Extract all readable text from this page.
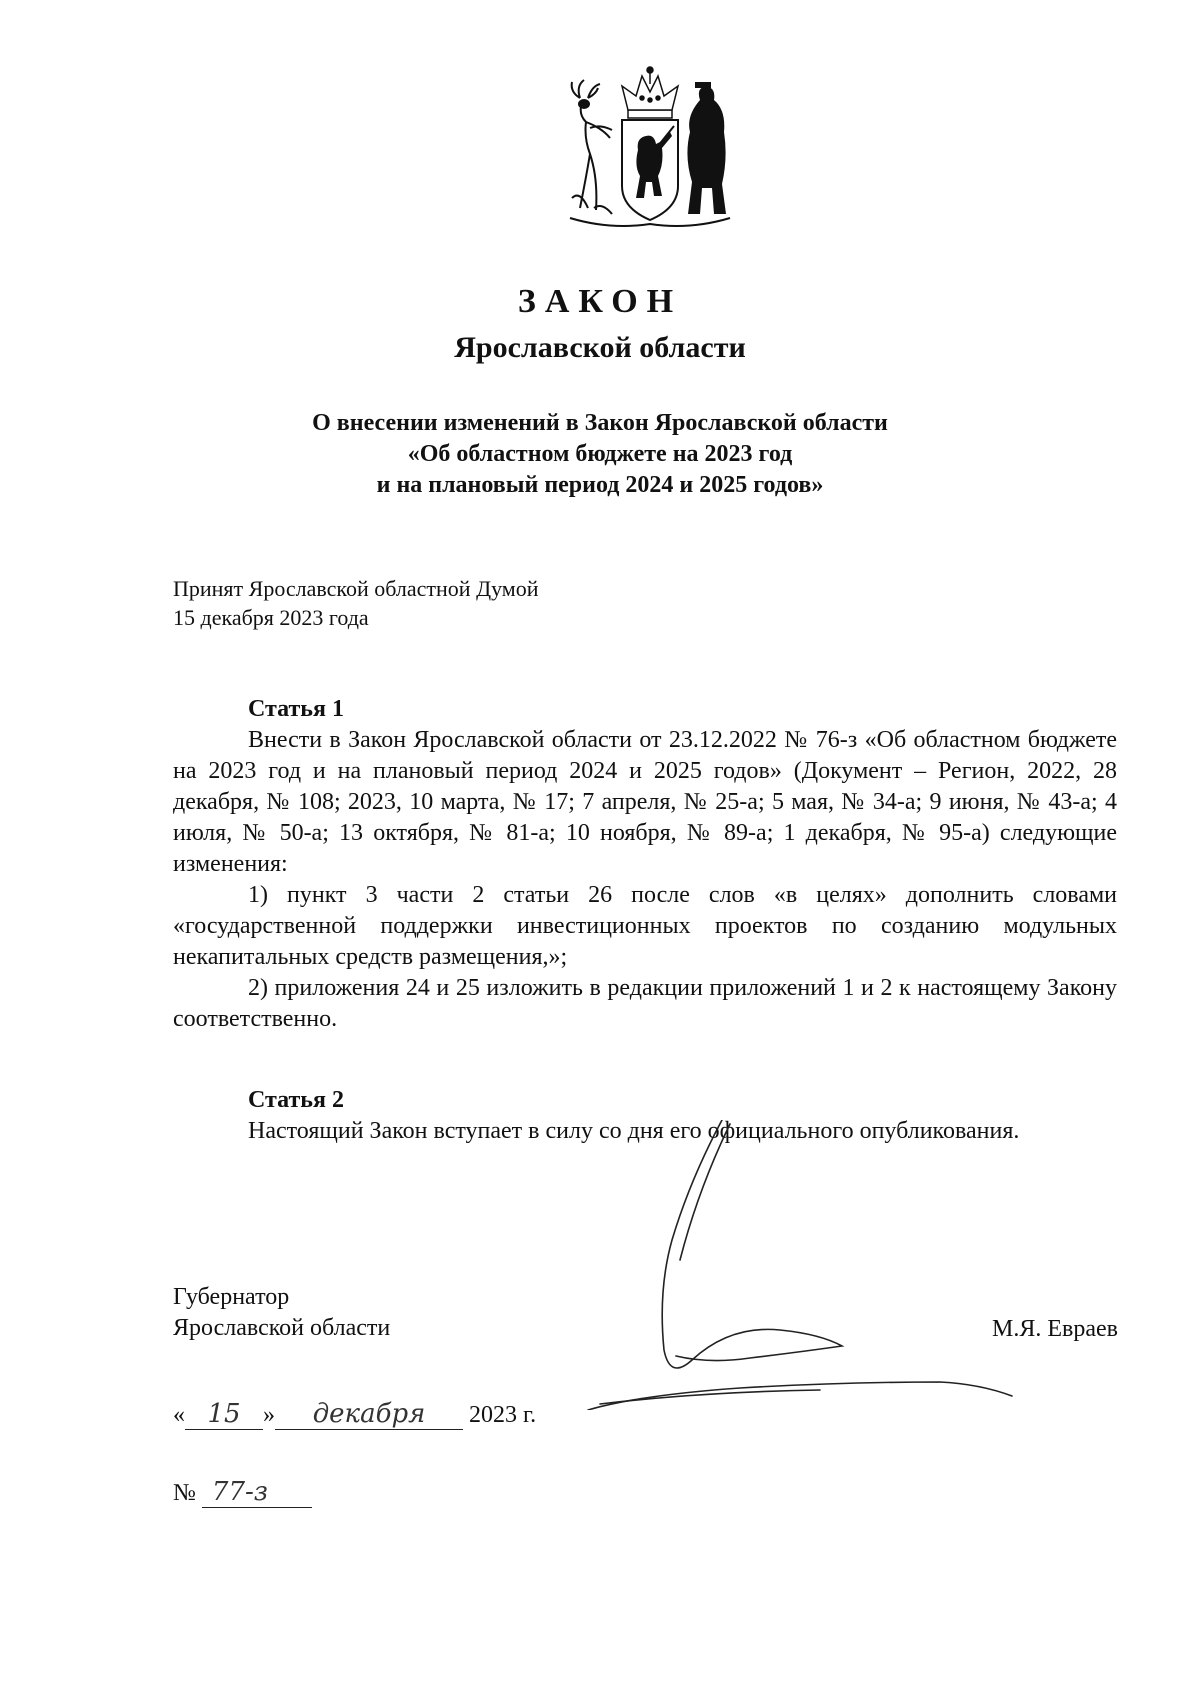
ЗАКОН
Ярославской области
О внесении изменений в Закон Ярославской области
«Об областном бюджете на 2023 год
и на плановый период 2024 и 2025 годов»
Принят Ярославской областной Думой
15 декабря 2023 года
Статья 1

Внести в Закон Ярославской области от 23.12.2022 № 76-з «Об областном бюджете на 2023 год и на плановый период 2024 и 2025 годов» (Документ – Регион, 2022, 28 декабря, № 108; 2023, 10 марта, № 17; 7 апреля, № 25-а; 5 мая, № 34-а; 9 июня, № 43-а; 4 июля, № 50-а; 13 октября, № 81-а; 10 ноября, № 89-а; 1 декабря, № 95-а) следующие изменения:

1) пункт 3 части 2 статьи 26 после слов «в целях» дополнить словами «государственной поддержки инвестиционных проектов по созданию модульных некапитальных средств размещения,»;

2) приложения 24 и 25 изложить в редакции приложений 1 и 2 к настоящему Закону соответственно.

Статья 2

Настоящий Закон вступает в силу со дня его официального опубликования.

Губернатор
Ярославской области	М.Я. Евраев
« 15 » декабря 2023 г.
№ 77-з
